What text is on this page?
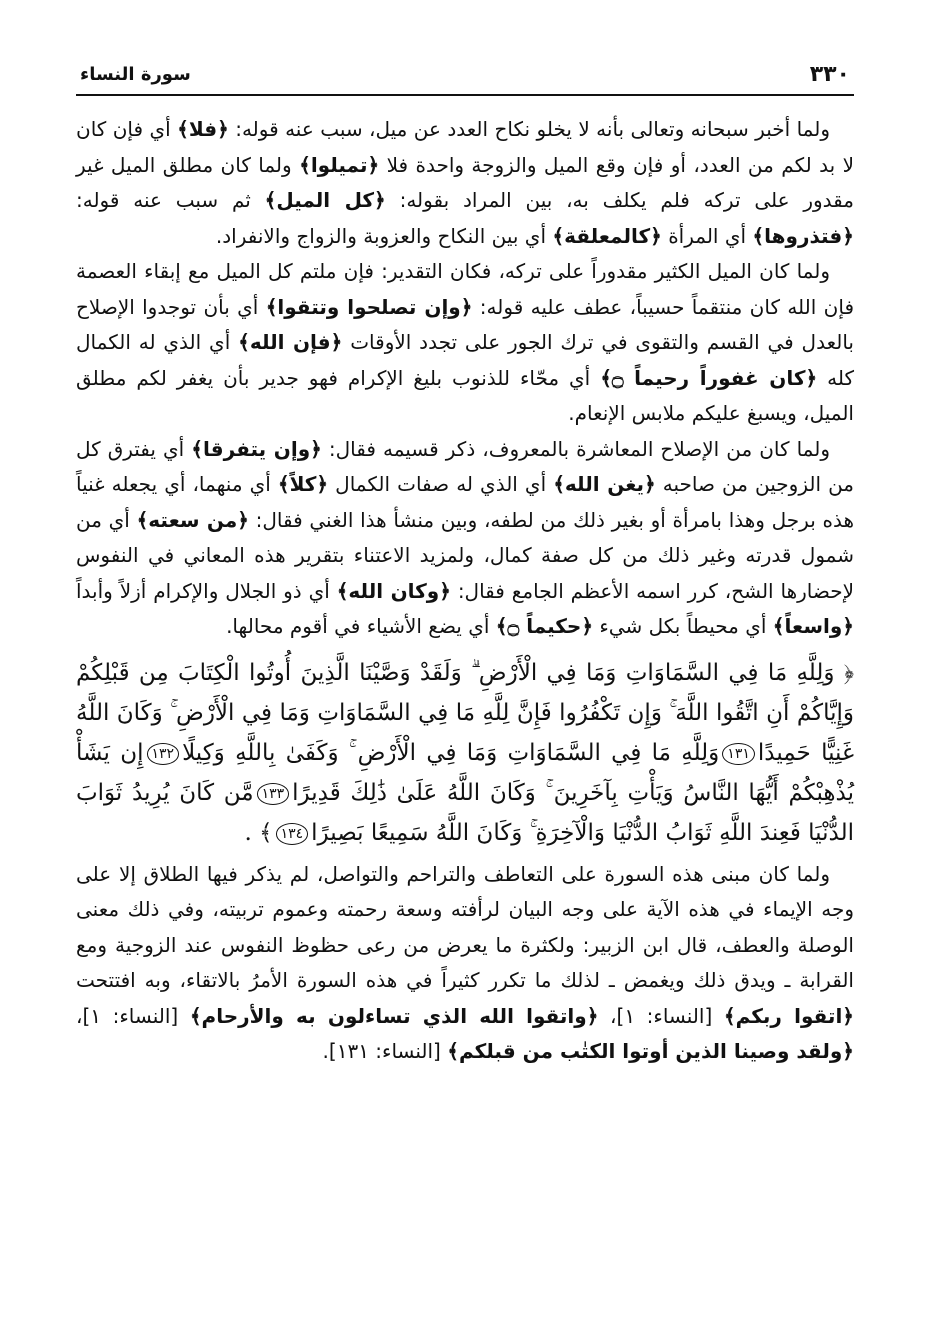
٣٣٠
سورة النساء

ولما أخبر سبحانه وتعالى بأنه لا يخلو نكاح العدد عن ميل، سبب عنه قوله: ﴿فلا﴾ أي فإن كان لا بد لكم من العدد، أو فإن وقع الميل والزوجة واحدة فلا ﴿تميلوا﴾ ولما كان مطلق الميل غير مقدور على تركه فلم يكلف به، بين المراد بقوله: ﴿كل الميل﴾ ثم سبب عنه قوله: ﴿فتذروها﴾ أي المرأة ﴿كالمعلقة﴾ أي بين النكاح والعزوبة والزواج والانفراد.

ولما كان الميل الكثير مقدوراً على تركه، فكان التقدير: فإن ملتم كل الميل مع إبقاء العصمة فإن الله كان منتقماً حسيباً، عطف عليه قوله: ﴿وإن تصلحوا وتتقوا﴾ أي بأن توجدوا الإصلاح بالعدل في القسم والتقوى في ترك الجور على تجدد الأوقات ﴿فإن الله﴾ أي الذي له الكمال كله ﴿كان غفوراً رحيماً ۝﴾ أي محّاء للذنوب بليغ الإكرام فهو جدير بأن يغفر لكم مطلق الميل، ويسبغ عليكم ملابس الإنعام.

ولما كان من الإصلاح المعاشرة بالمعروف، ذكر قسيمه فقال: ﴿وإن يتفرقا﴾ أي يفترق كل من الزوجين من صاحبه ﴿يغن الله﴾ أي الذي له صفات الكمال ﴿كلاً﴾ أي منهما، أي يجعله غنياً هذه برجل وهذا بامرأة أو بغير ذلك من لطفه، وبين منشأ هذا الغني فقال: ﴿من سعته﴾ أي من شمول قدرته وغير ذلك من كل صفة كمال، ولمزيد الاعتناء بتقرير هذه المعاني في النفوس لإحضارها الشح، كرر اسمه الأعظم الجامع فقال: ﴿وكان الله﴾ أي ذو الجلال والإكرام أزلاً وأبداً ﴿واسعاً﴾ أي محيطاً بكل شيء ﴿حكيماً ۝﴾ أي يضع الأشياء في أقوم محالها.

﴿ وَلِلَّهِ مَا فِي السَّمَاوَاتِ وَمَا فِي الْأَرْضِ ۗ وَلَقَدْ وَصَّيْنَا الَّذِينَ أُوتُوا الْكِتَابَ مِن قَبْلِكُمْ وَإِيَّاكُمْ أَنِ اتَّقُوا اللَّهَ ۚ وَإِن تَكْفُرُوا فَإِنَّ لِلَّهِ مَا فِي السَّمَاوَاتِ وَمَا فِي الْأَرْضِ ۚ وَكَانَ اللَّهُ غَنِيًّا حَمِيدًا١٣١وَلِلَّهِ مَا فِي السَّمَاوَاتِ وَمَا فِي الْأَرْضِ ۚ وَكَفَىٰ بِاللَّهِ وَكِيلًا١٣٢إِن يَشَأْ يُذْهِبْكُمْ أَيُّهَا النَّاسُ وَيَأْتِ بِآخَرِينَ ۚ وَكَانَ اللَّهُ عَلَىٰ ذَٰلِكَ قَدِيرًا١٣٣مَّن كَانَ يُرِيدُ ثَوَابَ الدُّنْيَا فَعِندَ اللَّهِ ثَوَابُ الدُّنْيَا وَالْآخِرَةِ ۚ وَكَانَ اللَّهُ سَمِيعًا بَصِيرًا١٣٤﴾ .

ولما كان مبنى هذه السورة على التعاطف والتراحم والتواصل، لم يذكر فيها الطلاق إلا على وجه الإيماء في هذه الآية على وجه البيان لرأفته وسعة رحمته وعموم تربيته، وفي ذلك معنى الوصلة والعطف، قال ابن الزبير: ولكثرة ما يعرض من رعى حظوظ النفوس عند الزوجية ومع القرابة ـ ويدق ذلك ويغمض ـ لذلك ما تكرر كثيراً في هذه السورة الأمرُ بالاتقاء، وبه افتتحت ﴿اتقوا ربكم﴾ [النساء: ١]، ﴿واتقوا الله الذي تساءلون به والأرحام﴾ [النساء: ١]، ﴿ولقد وصينا الذين أوتوا الكتٰب من قبلكم﴾ [النساء: ١٣١].
